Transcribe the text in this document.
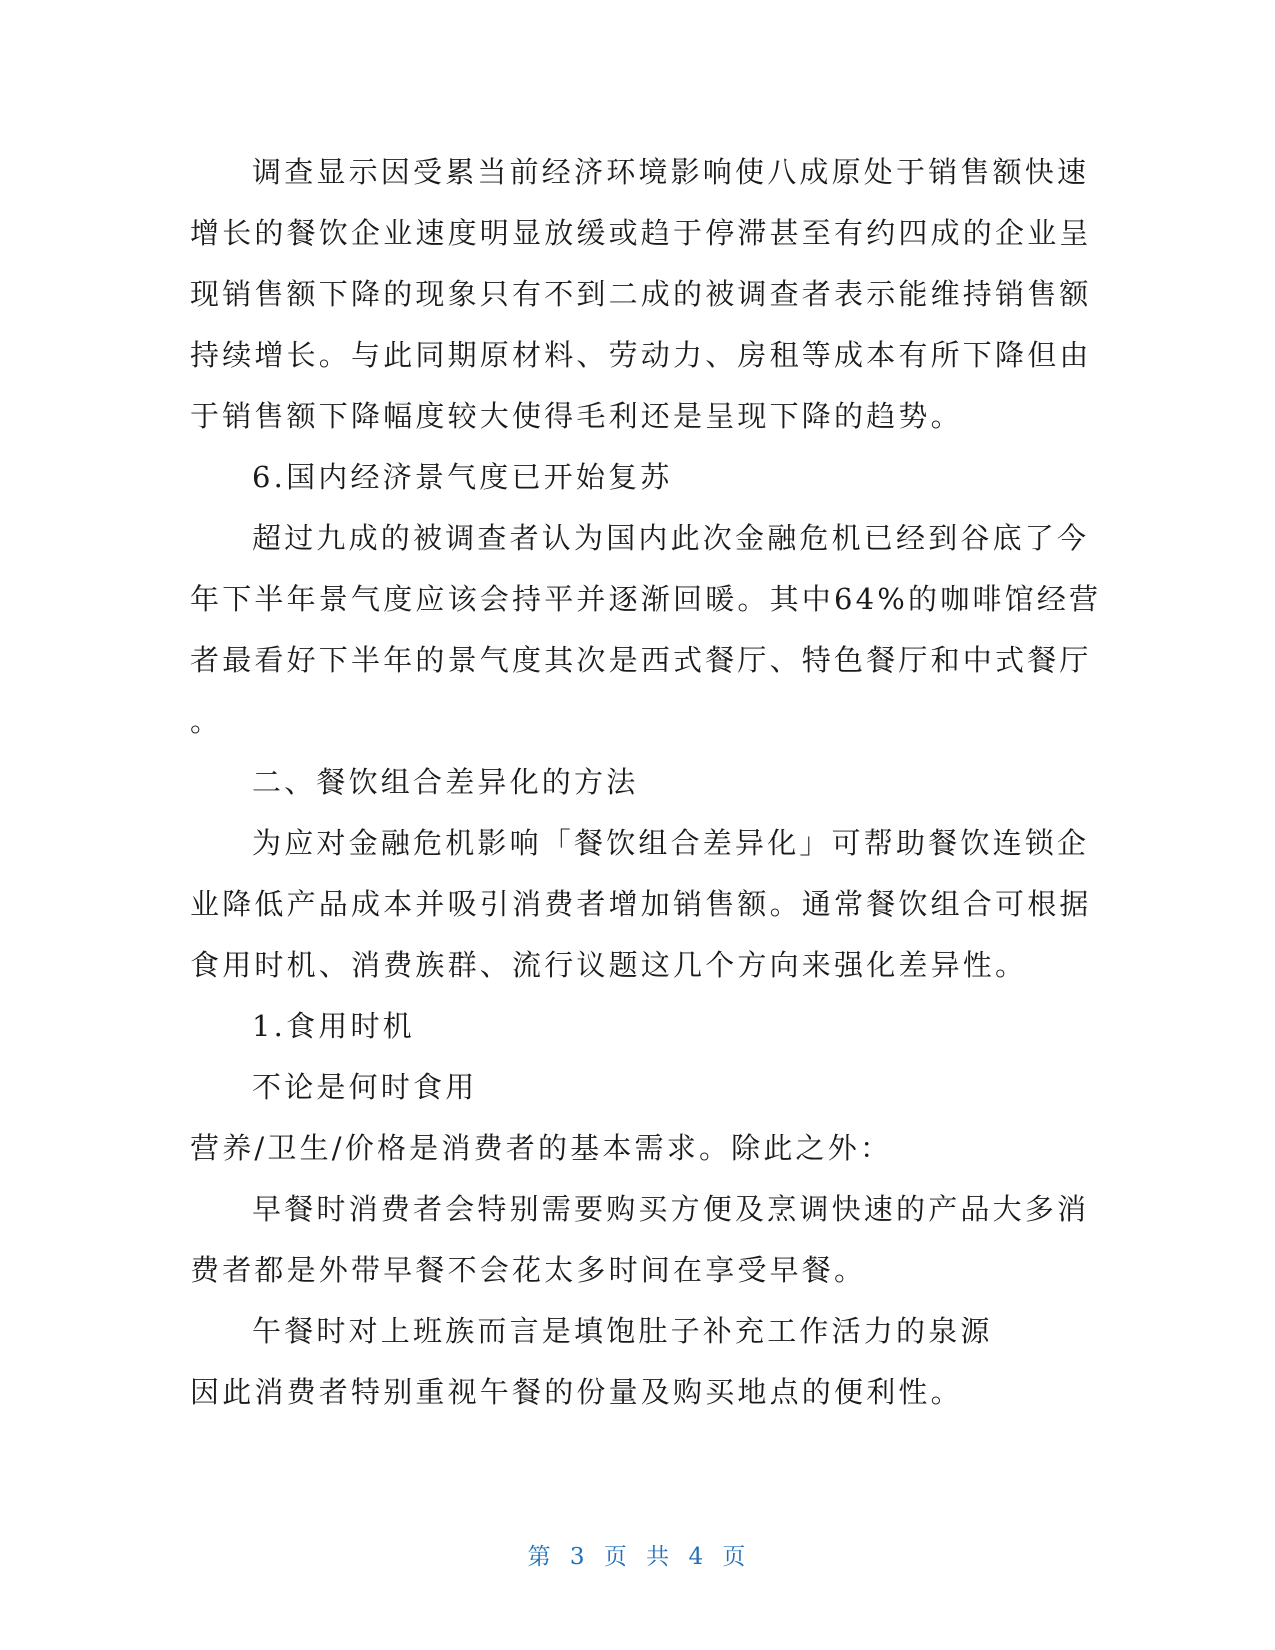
调查显示因受累当前经济环境影响使八成原处于销售额快速
增长的餐饮企业速度明显放缓或趋于停滞甚至有约四成的企业呈
现销售额下降的现象只有不到二成的被调查者表示能维持销售额
持续增长。与此同期原材料、劳动力、房租等成本有所下降但由
于销售额下降幅度较大使得毛利还是呈现下降的趋势。
6.国内经济景气度已开始复苏
超过九成的被调查者认为国内此次金融危机已经到谷底了今
年下半年景气度应该会持平并逐渐回暖。其中64%的咖啡馆经营
者最看好下半年的景气度其次是西式餐厅、特色餐厅和中式餐厅
。
二、餐饮组合差异化的方法
为应对金融危机影响「餐饮组合差异化」可帮助餐饮连锁企
业降低产品成本并吸引消费者增加销售额。通常餐饮组合可根据
食用时机、消费族群、流行议题这几个方向来强化差异性。
1.食用时机
不论是何时食用
营养/卫生/价格是消费者的基本需求。除此之外：
早餐时消费者会特别需要购买方便及烹调快速的产品大多消
费者都是外带早餐不会花太多时间在享受早餐。
午餐时对上班族而言是填饱肚子补充工作活力的泉源
因此消费者特别重视午餐的份量及购买地点的便利性。
第 3 页 共 4 页
